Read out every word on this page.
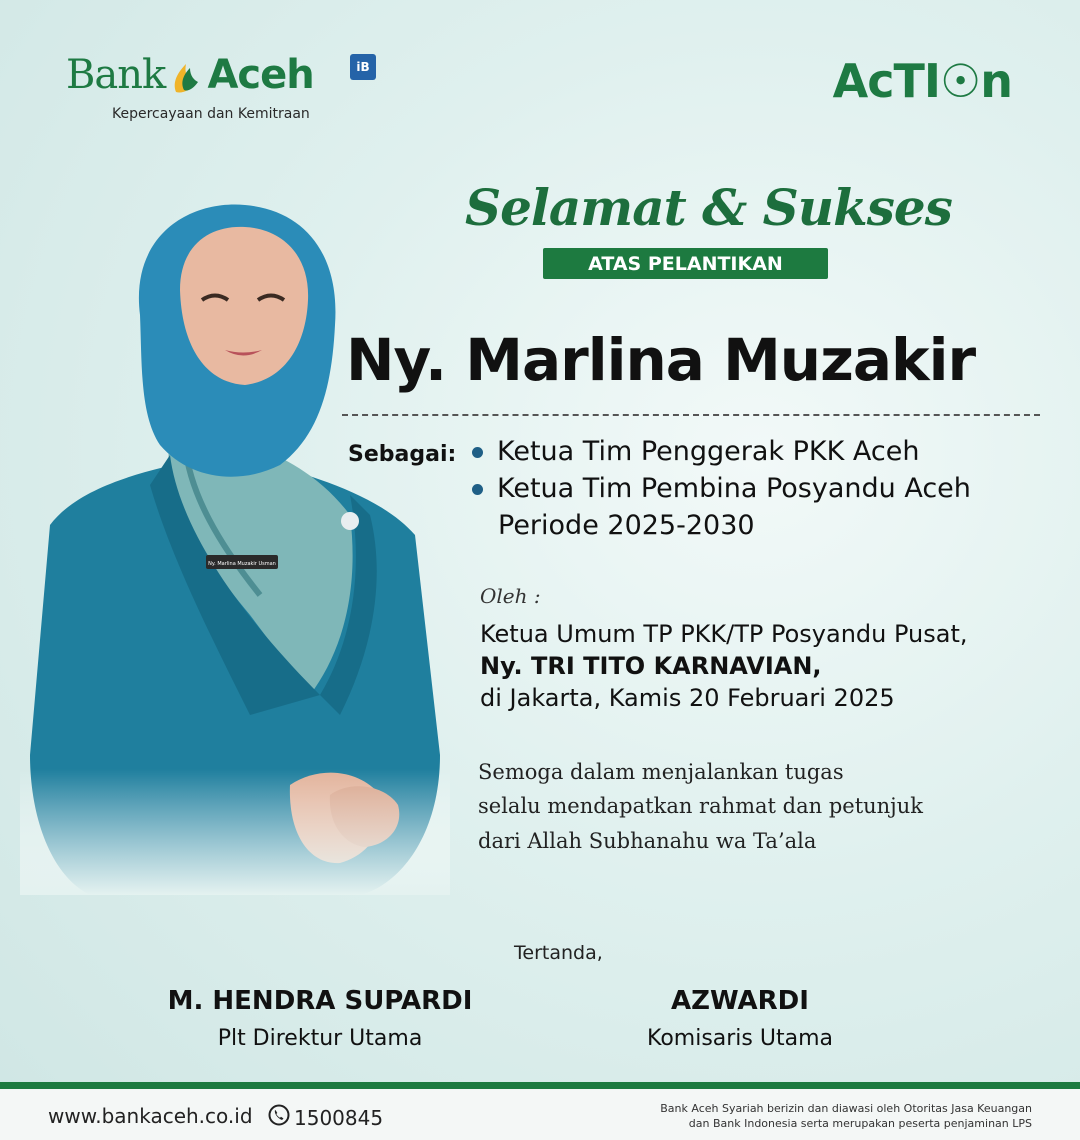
Bank Aceh	iB
Kepercayaan dan Kemitraan
AcTI☉n
Selamat & Sukses
ATAS PELANTIKAN
Ny. Marlina Muzakir
Sebagai:	Ketua Tim Penggerak PKK Aceh
Ketua Tim Pembina Posyandu Aceh
Periode 2025-2030
Oleh :
Ketua Umum TP PKK/TP Posyandu Pusat,
Ny. TRI TITO KARNAVIAN,
di Jakarta, Kamis 20 Februari 2025
Semoga dalam menjalankan tugas
selalu mendapatkan rahmat dan petunjuk
dari Allah Subhanahu wa Ta’ala
Tertanda,
M. HENDRA SUPARDI
Plt Direktur Utama
AZWARDI
Komisaris Utama
www.bankaceh.co.id 1500845	Bank Aceh Syariah berizin dan diawasi oleh Otoritas Jasa Keuangan
dan Bank Indonesia serta merupakan peserta penjaminan LPS
